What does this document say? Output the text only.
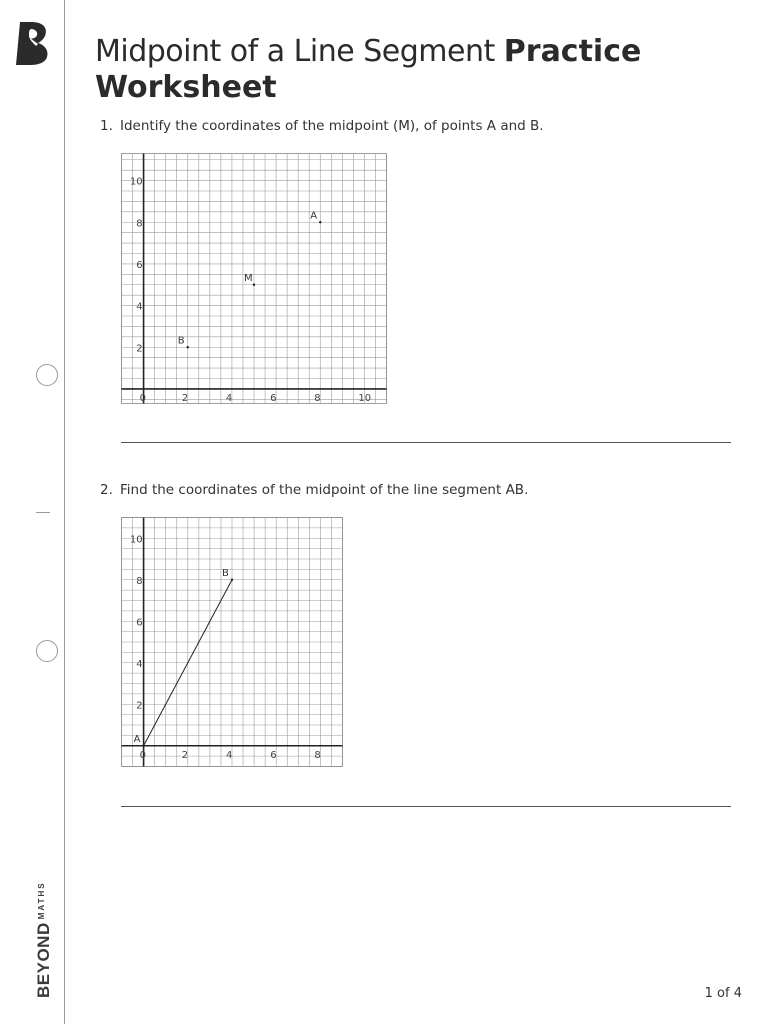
$BEYOND^{MATHS}$
Midpoint of a Line Segment Practice Worksheet
1. Identify the coordinates of the midpoint (M), of points A and B.
0	2	4	6	8	10
2
4
6
8
10
A
M
B
2. Find the coordinates of the midpoint of the line segment AB.
0	2	4	6	8
2
4
6
8
10
A
B
1 of 4
